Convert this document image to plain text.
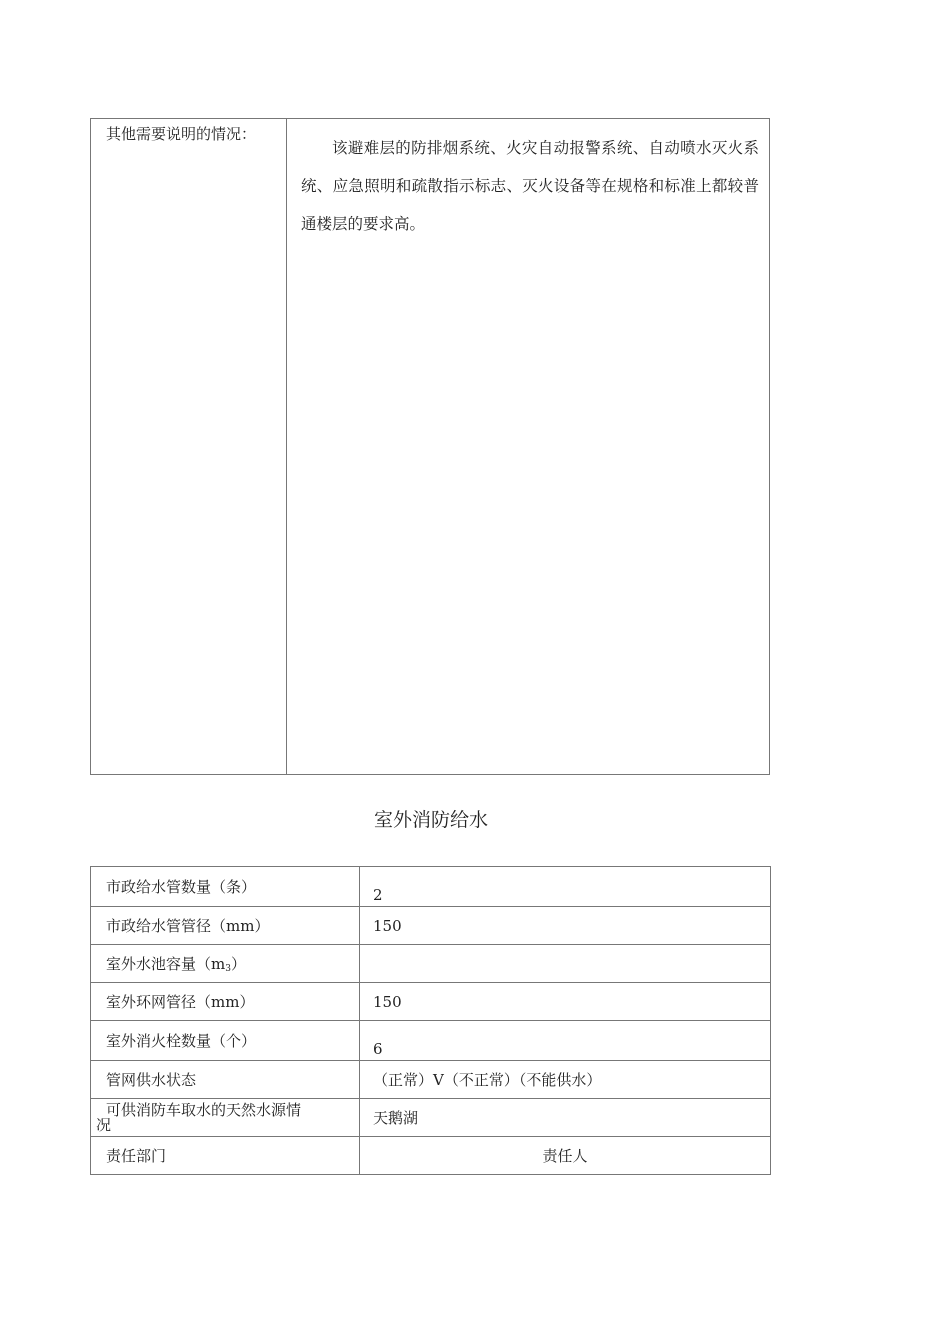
其他需要说明的情况：
该避难层的防排烟系统、火灾自动报警系统、自动喷水灭火系统、应急照明和疏散指示标志、灭火设备等在规格和标准上都较普通楼层的要求高。
室外消防给水
市政给水管数量（条）	2
市政给水管管径（mm）	150
室外水池容量$(m_3)$	
室外环网管径（mm）	150
室外消火栓数量（个）	6
管网供水状态	（正常）V（不正常）（不能供水）

可供消防车取水的天然水源情
况	天鹅湖
责任部门	责任人
